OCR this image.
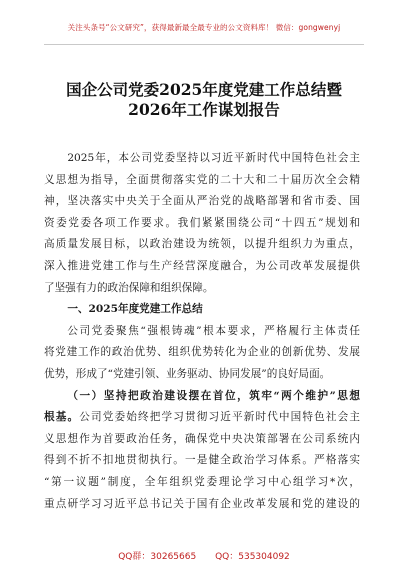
关注头条号“公文研究”，获得最新最全最专业的公文资料库！ 微信：gongwenyj
国企公司党委2025年度党建工作总结暨
2026年工作谋划报告
2025年，本公司党委坚持以习近平新时代中国特色社会主
义思想为指导，全面贯彻落实党的二十大和二十届历次全会精
神，坚决落实中央关于全面从严治党的战略部署和省市委、国
资委党委各项工作要求。我们紧紧围绕公司“十四五”规划和
高质量发展目标，以政治建设为统领，以提升组织力为重点，
深入推进党建工作与生产经营深度融合，为公司改革发展提供
了坚强有力的政治保障和组织保障。
一、2025年度党建工作总结
公司党委聚焦“强根铸魂”根本要求，严格履行主体责任
将党建工作的政治优势、组织优势转化为企业的创新优势、发展
优势，形成了“党建引领、业务驱动、协同发展”的良好局面。
（一）坚持把政治建设摆在首位，筑牢“两个维护”思想
根基。公司党委始终把学习贯彻习近平新时代中国特色社会主
义思想作为首要政治任务，确保党中央决策部署在公司系统内
得到不折不扣地贯彻执行。一是健全政治学习体系。严格落实
“第一议题”制度，全年组织党委理论学习中心组学习*次，
重点研学习习近平总书记关于国有企业改革发展和党的建设的
QQ群：30265665 QQ：535304092
